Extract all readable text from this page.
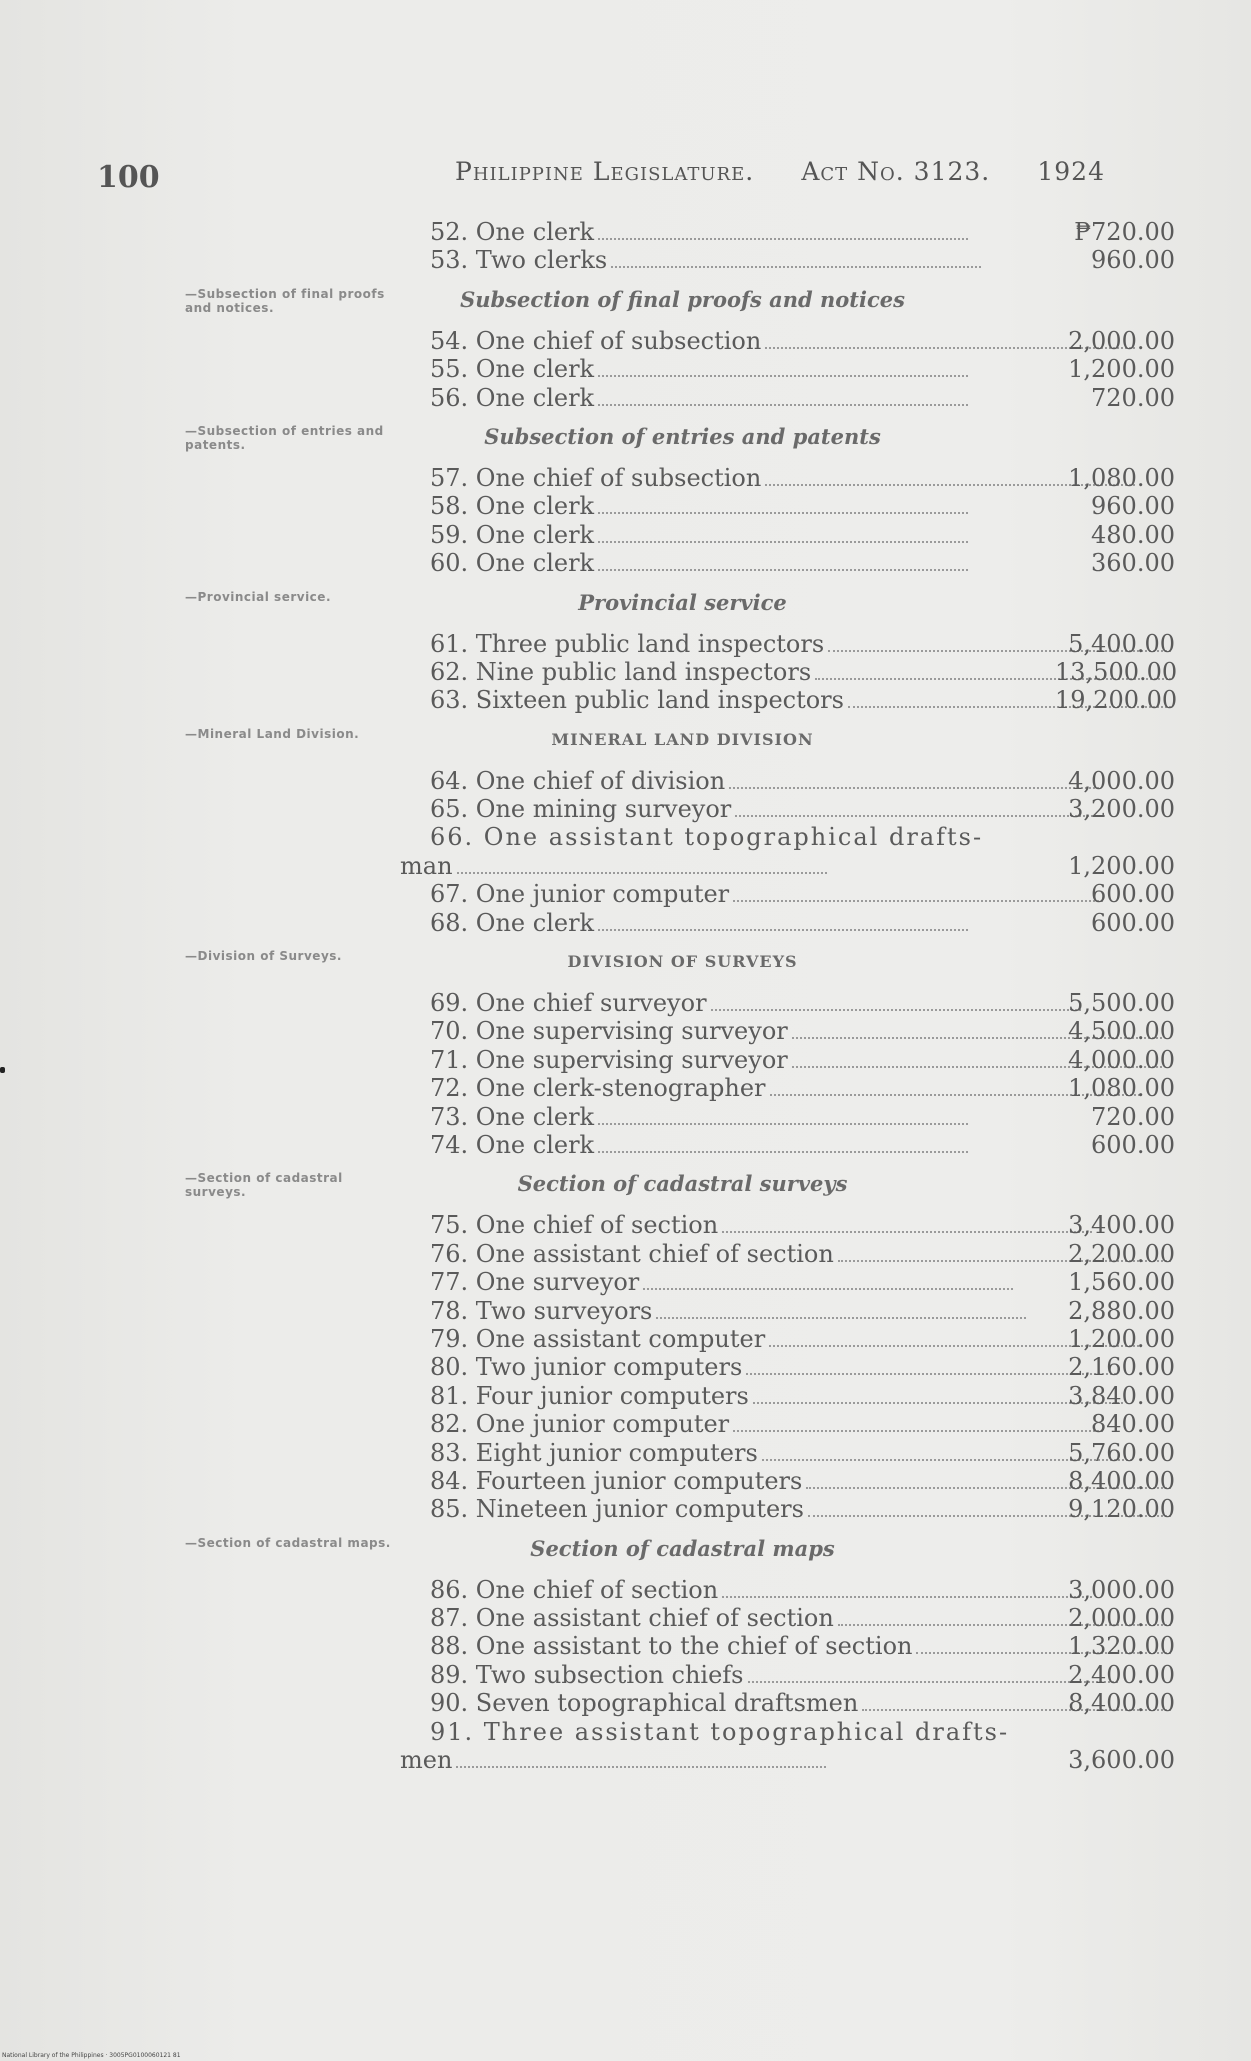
100	Philippine Legislature. Act No. 3123. 1924
52. One clerk	₱720.00
53. Two clerks	960.00
Subsection of final proofs and notices
54. One chief of subsection	2,000.00
55. One clerk	1,200.00
56. One clerk	720.00
Subsection of entries and patents
57. One chief of subsection	1,080.00
58. One clerk	960.00
59. One clerk	480.00
60. One clerk	360.00
Provincial service
61. Three public land inspectors	5,400.00
62. Nine public land inspectors	13,500.00
63. Sixteen public land inspectors	19,200.00
MINERAL LAND DIVISION
64. One chief of division	4,000.00
65. One mining surveyor	3,200.00
66. One assistant topographical drafts-
man	1,200.00
67. One junior computer	600.00
68. One clerk	600.00
DIVISION OF SURVEYS
69. One chief surveyor	5,500.00
70. One supervising surveyor	4,500.00
71. One supervising surveyor	4,000.00
72. One clerk-stenographer	1,080.00
73. One clerk	720.00
74. One clerk	600.00
Section of cadastral surveys
75. One chief of section	3,400.00
76. One assistant chief of section	2,200.00
77. One surveyor	1,560.00
78. Two surveyors	2,880.00
79. One assistant computer	1,200.00
80. Two junior computers	2,160.00
81. Four junior computers	3,840.00
82. One junior computer	840.00
83. Eight junior computers	5,760.00
84. Fourteen junior computers	8,400.00
85. Nineteen junior computers	9,120.00
Section of cadastral maps
86. One chief of section	3,000.00
87. One assistant chief of section	2,000.00
88. One assistant to the chief of section	1,320.00
89. Two subsection chiefs	2,400.00
90. Seven topographical draftsmen	8,400.00
91. Three assistant topographical drafts-
men	3,600.00
—Subsection of final proofs and notices.
—Subsection of entries and patents.
—Provincial service.
—Mineral Land Division.
—Division of Surveys.
—Section of cadastral surveys.
—Section of cadastral maps.
National Library of the Philippines · 3005PG0100060121 81
